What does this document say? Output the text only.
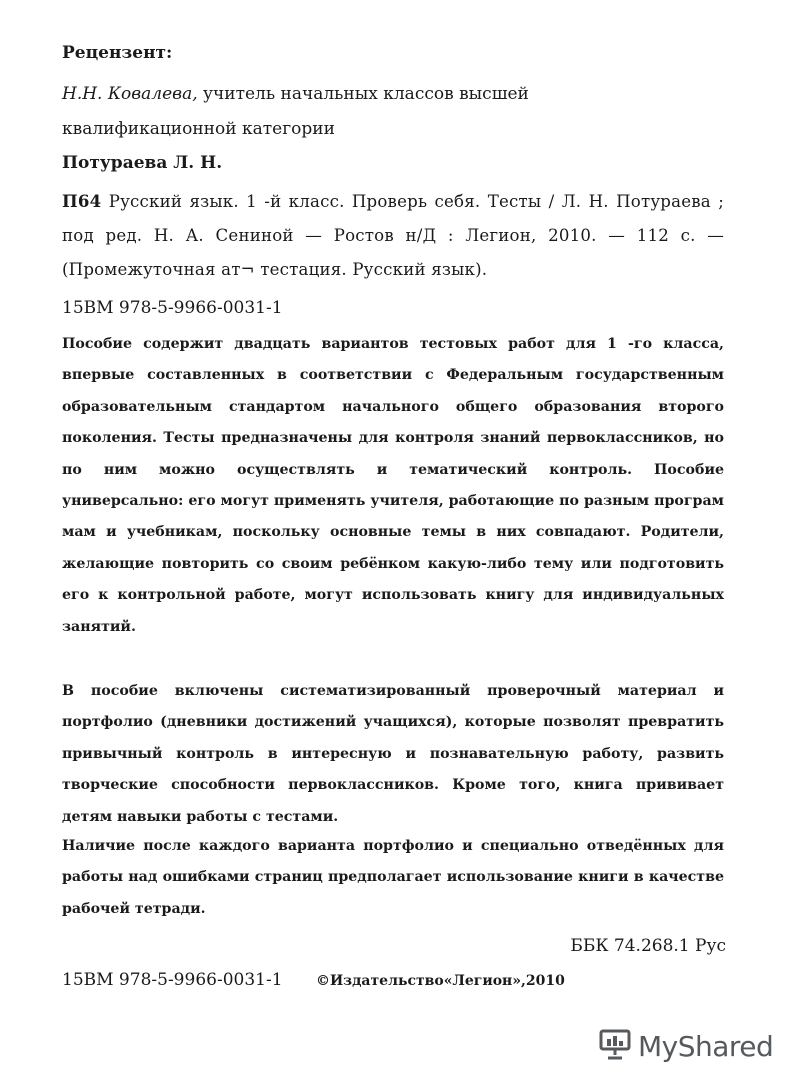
Рецензент:
Н.Н. Ковалева, учитель начальных классов высшей
квалификационной категории
Потураева Л. Н.
П64 Русский язык. 1 -й класс. Проверь себя. Тесты / Л. Н. Потураева ; под ред. Н. А. Сениной — Ростов н/Д : Легион, 2010. — 112 с. — (Промежуточная ат¬ тестация. Русский язык).
15ВМ 978-5-9966-0031-1
Пособие содержит двадцать вариантов тестовых работ для 1 -го класса, впервые составленных в соответствии с Федеральным государственным образовательным стандартом начального общего образования второго поколения. Тесты предназначены для контроля знаний первоклассников, но по ним можно осуществлять и тематический контроль. Пособие универсально: его могут применять учителя, работающие по разным програм мам и учебникам, поскольку основные темы в них совпадают. Родители, желающие повторить со своим ребёнком какую-либо тему или подготовить его к контрольной работе, могут использовать книгу для индивидуальных занятий.
В пособие включены систематизированный проверочный материал и портфолио (дневники достижений учащихся), которые позволят превратить привычный контроль в интересную и познавательную работу, развить творческие способности первоклассников. Кроме того, книга прививает детям навыки работы с тестами.
Наличие после каждого варианта портфолио и специально отведённых для работы над ошибками страниц предполагает использование книги в качестве рабочей тетради.
ББК 74.268.1 Рус
15ВМ 978-5-9966-0031-1 ©Издательство«Легион»,2010
MyShared
